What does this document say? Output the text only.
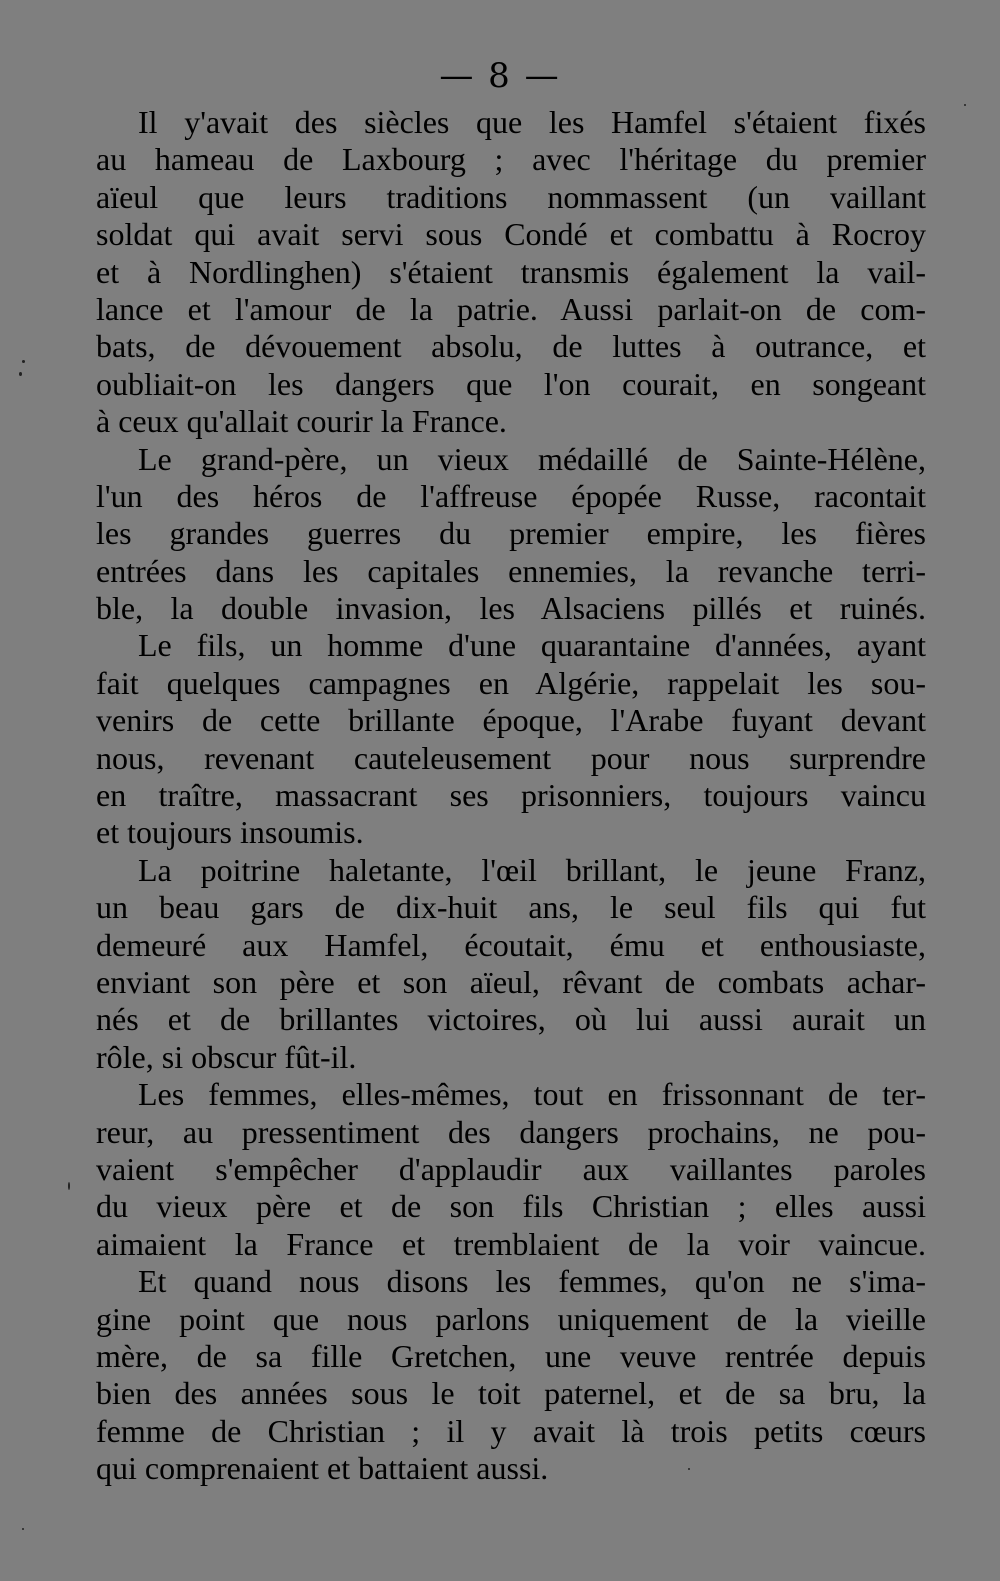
— 8 —
Il y'avait des siècles que les Hamfel s'étaient fixés
au hameau de Laxbourg ; avec l'héritage du premier
aïeul que leurs traditions nommassent (un vaillant
soldat qui avait servi sous Condé et combattu à Rocroy
et à Nordlinghen) s'étaient transmis également la vail-
lance et l'amour de la patrie. Aussi parlait-on de com-
bats, de dévouement absolu, de luttes à outrance, et
oubliait-on les dangers que l'on courait, en songeant
à ceux qu'allait courir la France.
Le grand-père, un vieux médaillé de Sainte-Hélène,
l'un des héros de l'affreuse épopée Russe, racontait
les grandes guerres du premier empire, les fières
entrées dans les capitales ennemies, la revanche terri-
ble, la double invasion, les Alsaciens pillés et ruinés.
Le fils, un homme d'une quarantaine d'années, ayant
fait quelques campagnes en Algérie, rappelait les sou-
venirs de cette brillante époque, l'Arabe fuyant devant
nous, revenant cauteleusement pour nous surprendre
en traître, massacrant ses prisonniers, toujours vaincu
et toujours insoumis.
La poitrine haletante, l'œil brillant, le jeune Franz,
un beau gars de dix-huit ans, le seul fils qui fut
demeuré aux Hamfel, écoutait, ému et enthousiaste,
enviant son père et son aïeul, rêvant de combats achar-
nés et de brillantes victoires, où lui aussi aurait un
rôle, si obscur fût-il.
Les femmes, elles-mêmes, tout en frissonnant de ter-
reur, au pressentiment des dangers prochains, ne pou-
vaient s'empêcher d'applaudir aux vaillantes paroles
du vieux père et de son fils Christian ; elles aussi
aimaient la France et tremblaient de la voir vaincue.
Et quand nous disons les femmes, qu'on ne s'ima-
gine point que nous parlons uniquement de la vieille
mère, de sa fille Gretchen, une veuve rentrée depuis
bien des années sous le toit paternel, et de sa bru, la
femme de Christian ; il y avait là trois petits cœurs
qui comprenaient et battaient aussi.
